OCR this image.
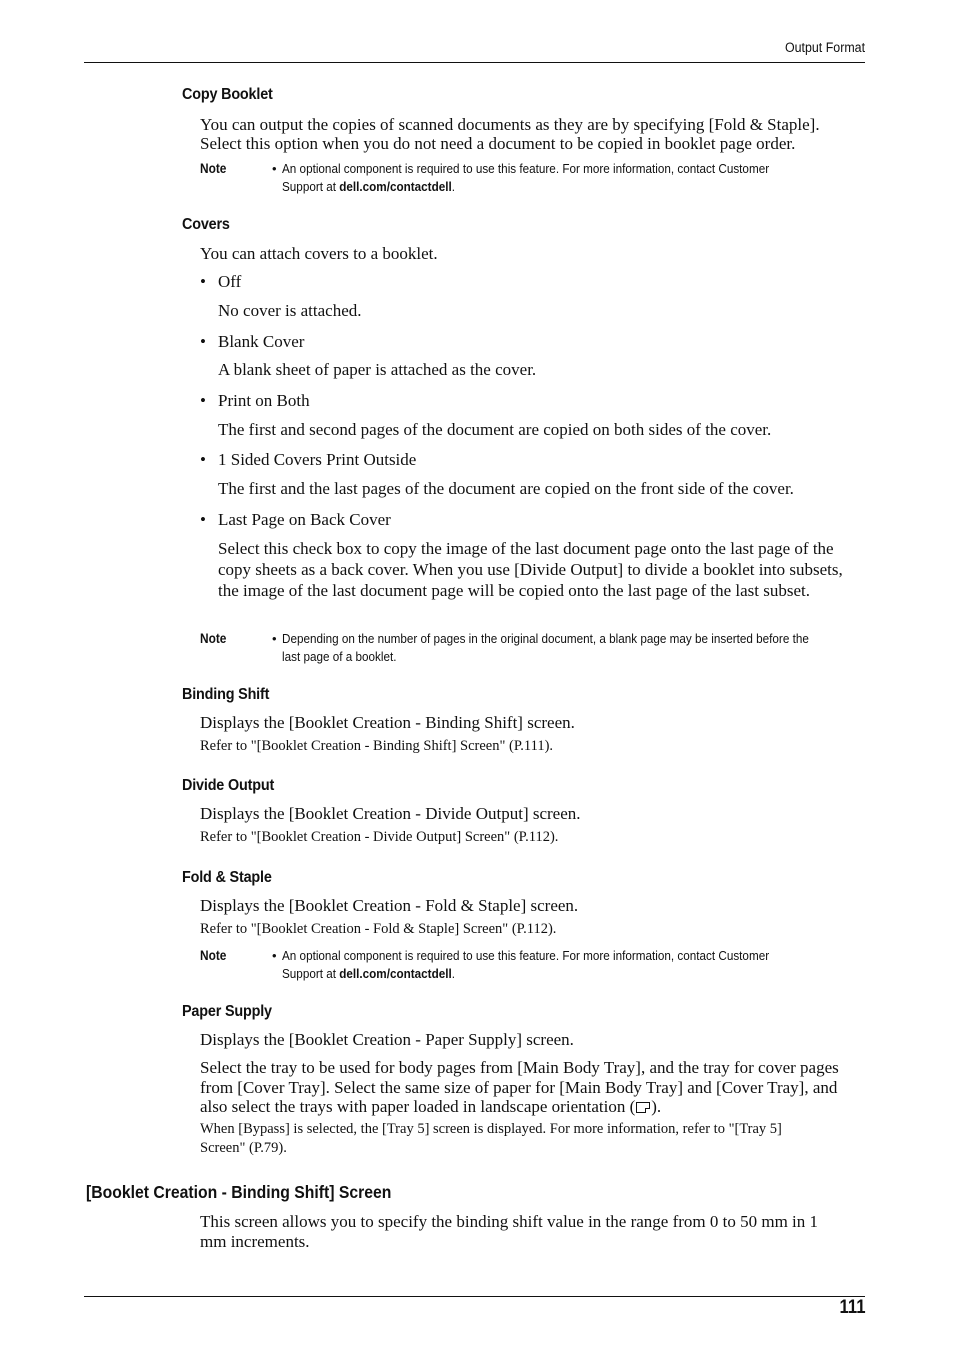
Output Format
Copy Booklet
You can output the copies of scanned documents as they are by specifying [Fold & Staple].
Select this option when you do not need a document to be copied in booklet page order.
Note	• An optional component is required to use this feature. For more information, contact Customer
Support at dell.com/contactdell.
Covers
You can attach covers to a booklet.
• Off
No cover is attached.
• Blank Cover
A blank sheet of paper is attached as the cover.
• Print on Both
The first and second pages of the document are copied on both sides of the cover.
• 1 Sided Covers Print Outside
The first and the last pages of the document are copied on the front side of the cover.
• Last Page on Back Cover
Select this check box to copy the image of the last document page onto the last page of the copy sheets as a back cover. When you use [Divide Output] to divide a booklet into subsets, the image of the last document page will be copied onto the last page of the last subset.
Note	• Depending on the number of pages in the original document, a blank page may be inserted before the
last page of a booklet.
Binding Shift
Displays the [Booklet Creation - Binding Shift] screen.
Refer to "[Booklet Creation - Binding Shift] Screen" (P.111).
Divide Output
Displays the [Booklet Creation - Divide Output] screen.
Refer to "[Booklet Creation - Divide Output] Screen" (P.112).
Fold & Staple
Displays the [Booklet Creation - Fold & Staple] screen.
Refer to "[Booklet Creation - Fold & Staple] Screen" (P.112).
Note	• An optional component is required to use this feature. For more information, contact Customer
Support at dell.com/contactdell.
Paper Supply
Displays the [Booklet Creation - Paper Supply] screen.
Select the tray to be used for body pages from [Main Body Tray], and the tray for cover pages
from [Cover Tray]. Select the same size of paper for [Main Body Tray] and [Cover Tray], and
also select the trays with paper loaded in landscape orientation ( ).
When [Bypass] is selected, the [Tray 5] screen is displayed. For more information, refer to "[Tray 5]
Screen" (P.79).
[Booklet Creation - Binding Shift] Screen
This screen allows you to specify the binding shift value in the range from 0 to 50 mm in 1
mm increments.
111
